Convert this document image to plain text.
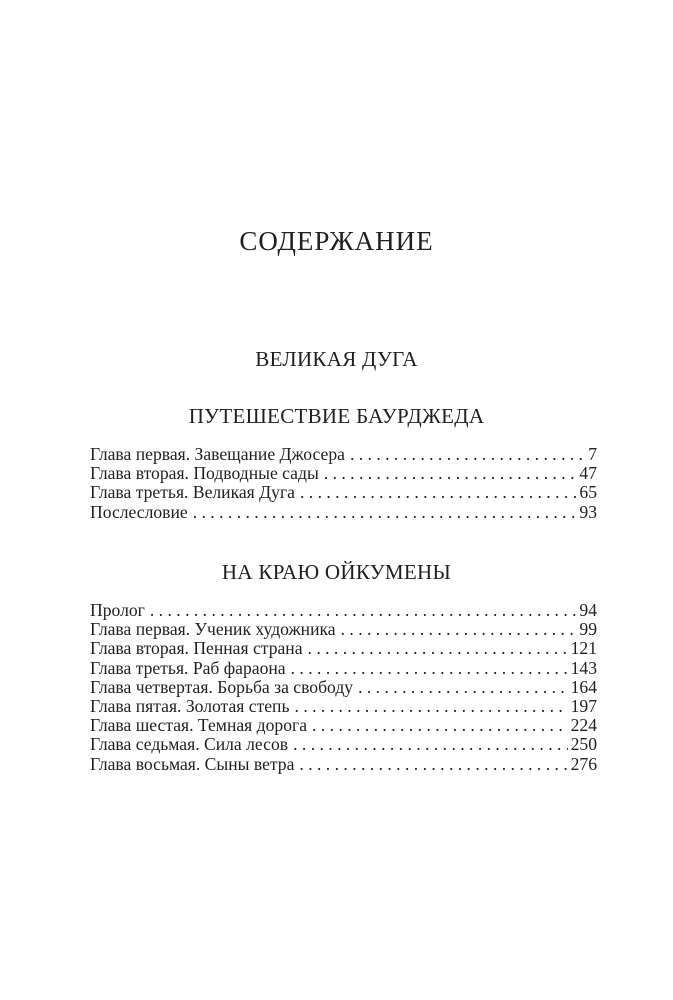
СОДЕРЖАНИЕ
ВЕЛИКАЯ ДУГА
ПУТЕШЕСТВИЕ БАУРДЖЕДА
Глава первая. Завещание Джосера . . .	7
Глава вторая. Подводные сады . . .	47
Глава третья. Великая Дуга . . .	65
Послесловие . . .	93
НА КРАЮ ОЙКУМЕНЫ
Пролог . . .	94
Глава первая. Ученик художника . . .	99
Глава вторая. Пенная страна . . .	121
Глава третья. Раб фараона . . .	143
Глава четвертая. Борьба за свободу . . .	164
Глава пятая. Золотая степь . . .	197
Глава шестая. Темная дорога . . .	224
Глава седьмая. Сила лесов . . .	250
Глава восьмая. Сыны ветра . . .	276
